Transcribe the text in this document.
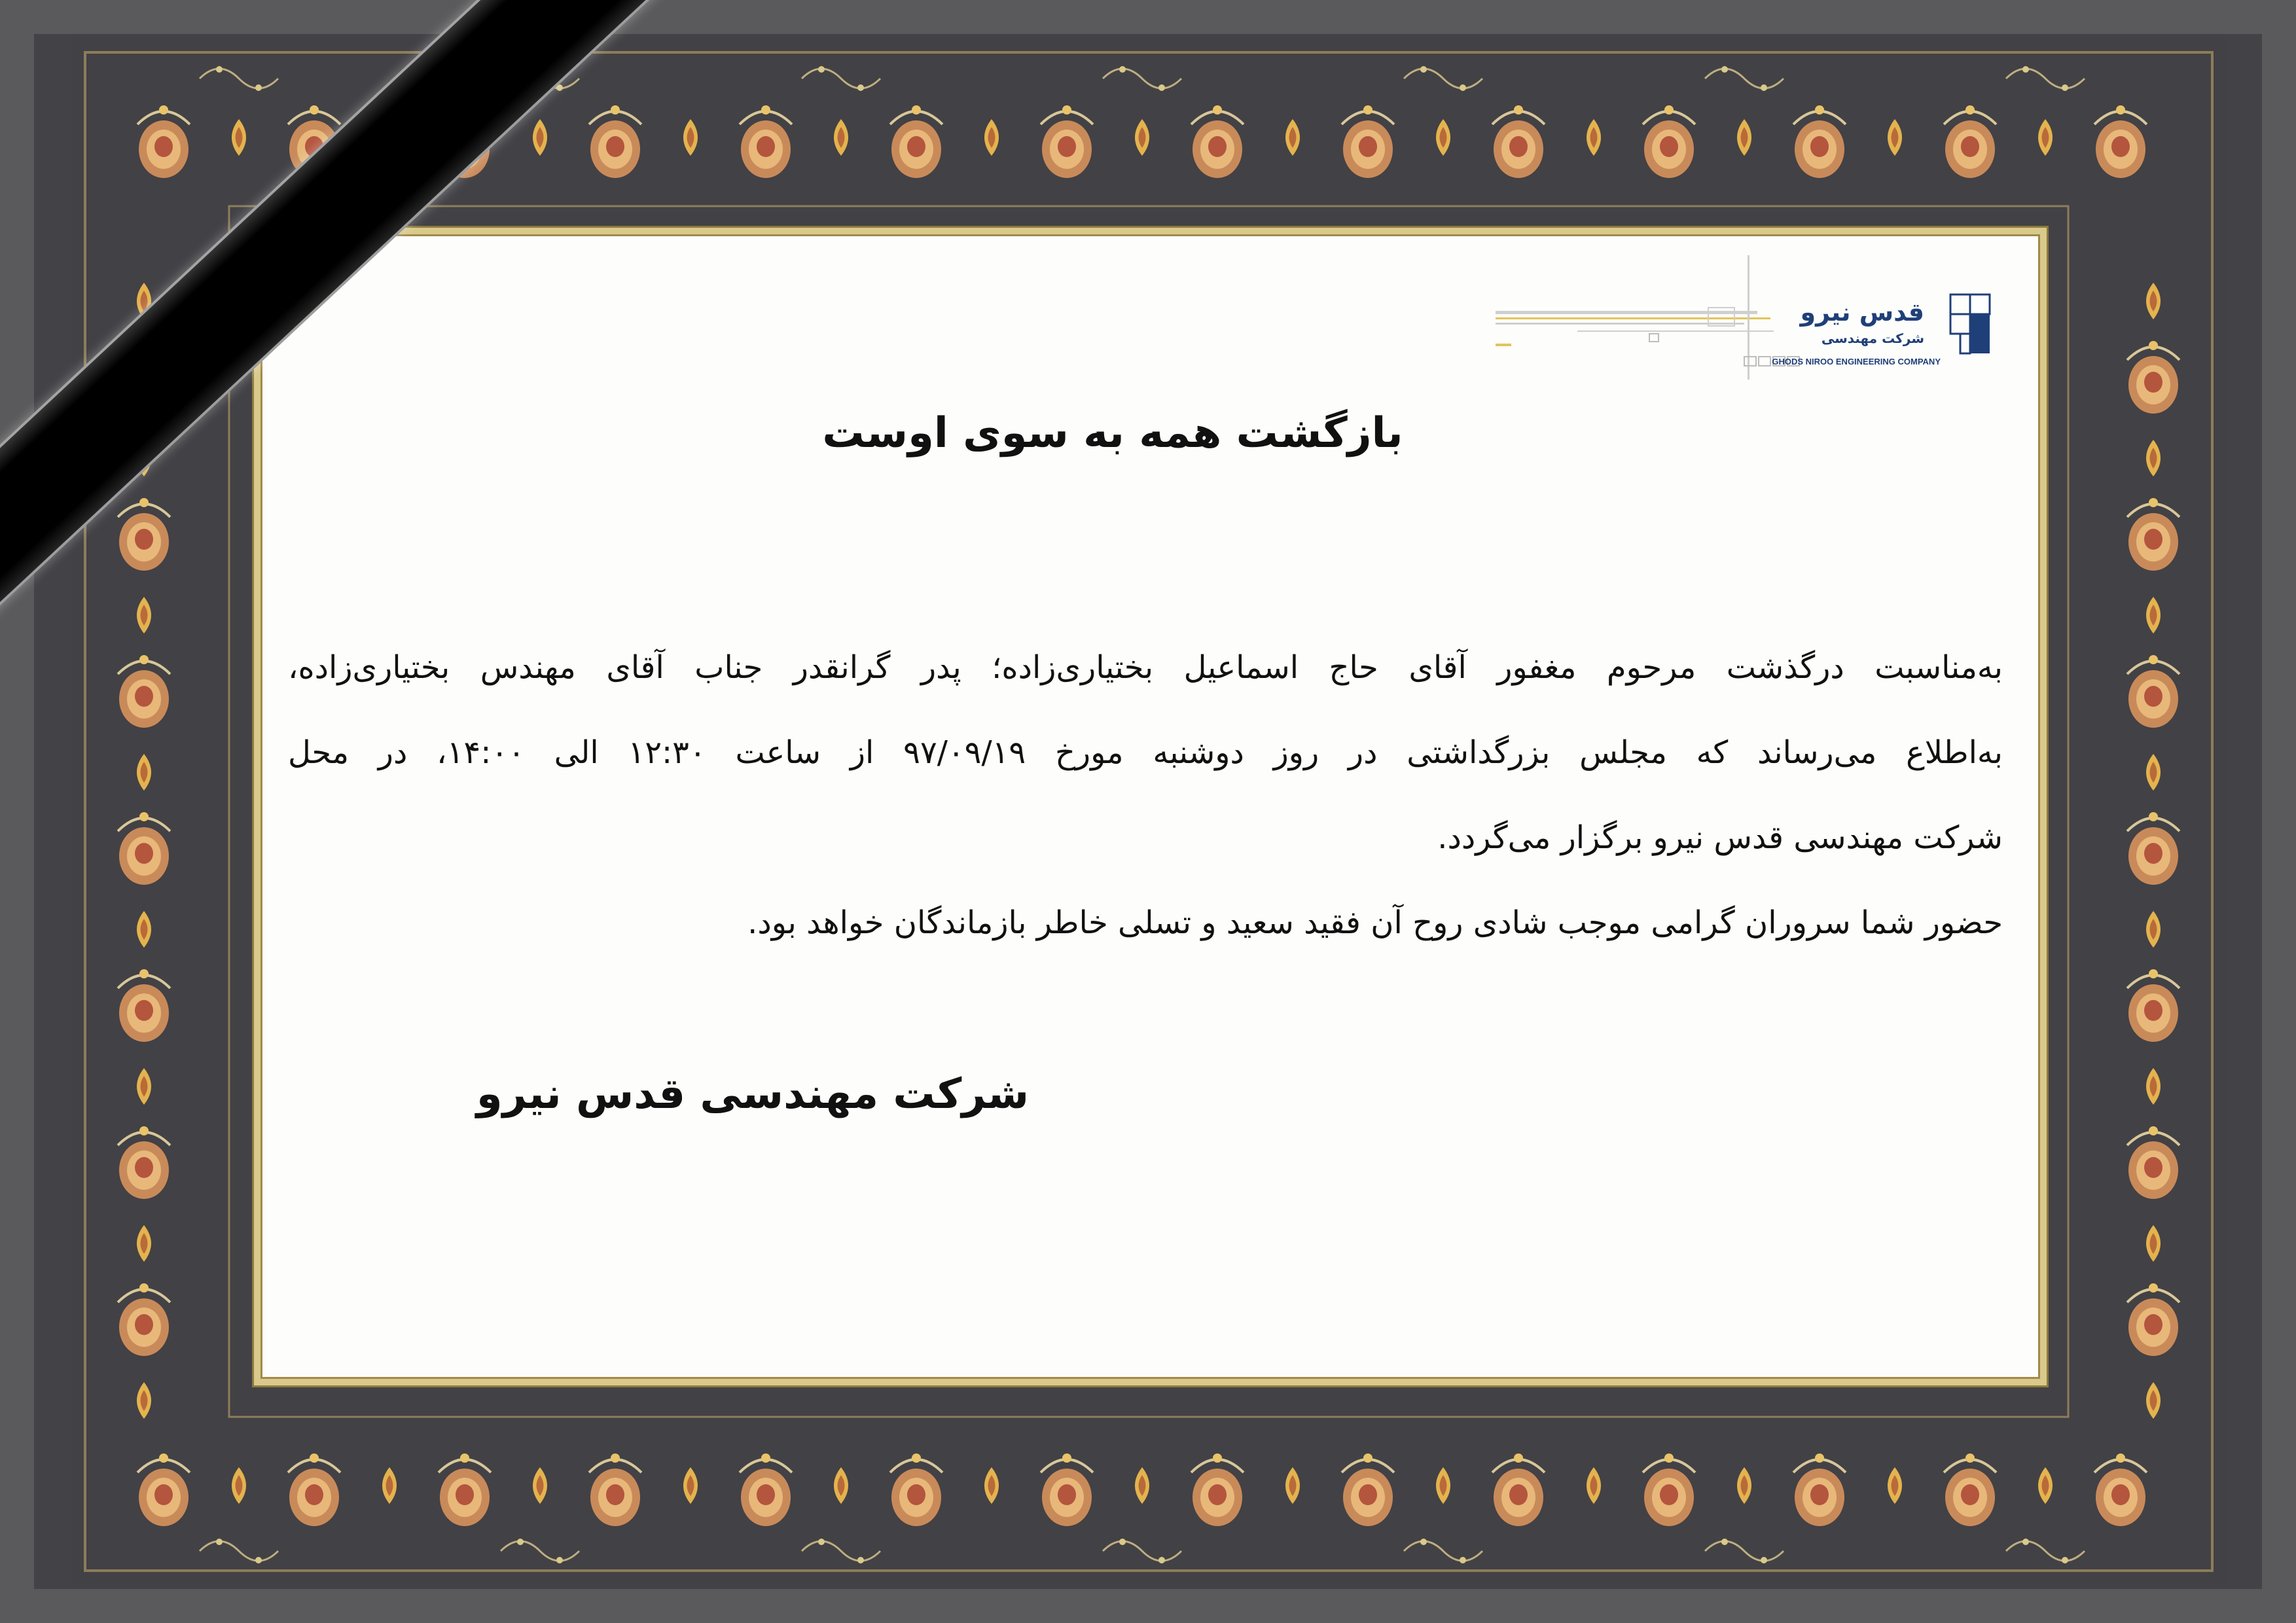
قدس نیرو
شرکت مهندسی
GHODS NIROO ENGINEERING COMPANY
بازگشت همه به سوی اوست
به‌مناسبت درگذشت مرحوم مغفور آقای حاج اسماعیل بختیاری‌زاده؛ پدر گرانقدر جناب آقای مهندس بختیاری‌زاده،
به‌اطلاع می‌رساند که مجلس بزرگداشتی در روز دوشنبه مورخ ۹۷/۰۹/۱۹ از ساعت ۱۲:۳۰ الی ۱۴:۰۰، در محل
شرکت مهندسی قدس نیرو برگزار می‌گردد.
حضور شما سروران گرامی موجب شادی روح آن فقید سعید و تسلی خاطر بازماندگان خواهد بود.
شرکت مهندسی قدس نیرو
